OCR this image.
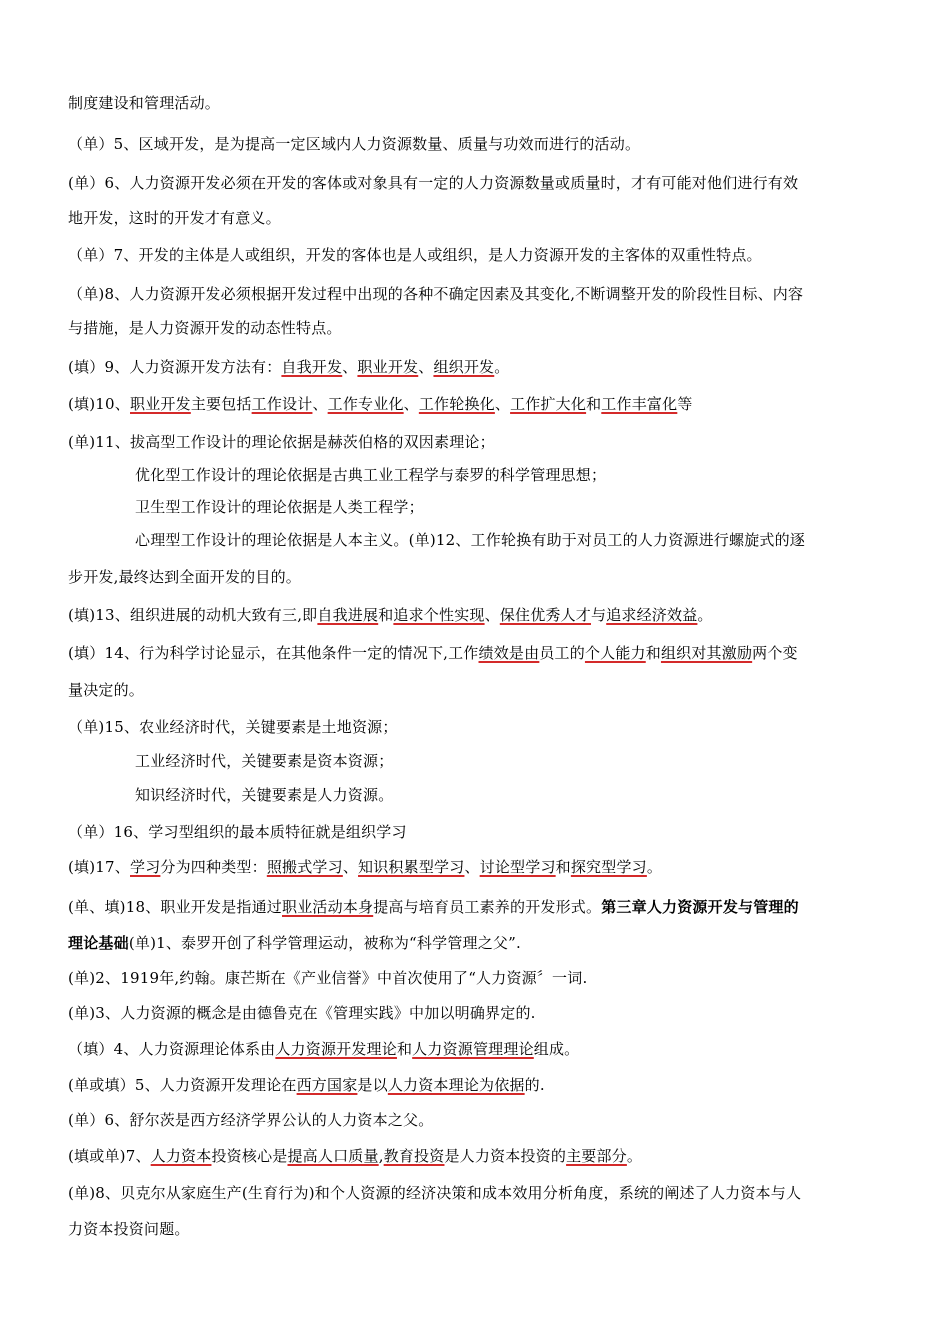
制度建设和管理活动。
（单）5、区域开发，是为提高一定区域内人力资源数量、质量与功效而进行的活动。
(单）6、人力资源开发必须在开发的客体或对象具有一定的人力资源数量或质量时，才有可能对他们进行有效
地开发，这时的开发才有意义。
（单）7、开发的主体是人或组织，开发的客体也是人或组织，是人力资源开发的主客体的双重性特点。
（单)8、人力资源开发必须根据开发过程中出现的各种不确定因素及其变化,不断调整开发的阶段性目标、内容
与措施，是人力资源开发的动态性特点。
(填）9、人力资源开发方法有：自我开发、职业开发、组织开发。
(填)10、职业开发主要包括工作设计、工作专业化、工作轮换化、工作扩大化和工作丰富化等
(单)11、拔高型工作设计的理论依据是赫茨伯格的双因素理论；
优化型工作设计的理论依据是古典工业工程学与泰罗的科学管理思想；
卫生型工作设计的理论依据是人类工程学；
心理型工作设计的理论依据是人本主义。(单)12、工作轮换有助于对员工的人力资源进行螺旋式的逐
步开发,最终达到全面开发的目的。
(填)13、组织进展的动机大致有三,即自我进展和追求个性实现、保住优秀人才与追求经济效益。
(填）14、行为科学讨论显示，在其他条件一定的情况下,工作绩效是由员工的个人能力和组织对其激励两个变
量决定的。
（单)15、农业经济时代，关键要素是土地资源；
工业经济时代，关键要素是资本资源；
知识经济时代，关键要素是人力资源。
（单）16、学习型组织的最本质特征就是组织学习
(填)17、学习分为四种类型：照搬式学习、知识积累型学习、讨论型学习和探究型学习。
(单、填)18、职业开发是指通过职业活动本身提高与培育员工素养的开发形式。第三章人力资源开发与管理的
理论基础(单)1、泰罗开创了科学管理运动，被称为“科学管理之父”.
(单)2、1919年,约翰。康芒斯在《产业信誉》中首次使用了“人力资源〞一词.
(单)3、人力资源的概念是由德鲁克在《管理实践》中加以明确界定的.
（填）4、人力资源理论体系由人力资源开发理论和人力资源管理理论组成。
(单或填）5、人力资源开发理论在西方国家是以人力资本理论为依据的.
(单）6、舒尔茨是西方经济学界公认的人力资本之父。
(填或单)7、人力资本投资核心是提高人口质量,教育投资是人力资本投资的主要部分。
(单)8、贝克尔从家庭生产(生育行为)和个人资源的经济决策和成本效用分析角度，系统的阐述了人力资本与人
力资本投资问题。
